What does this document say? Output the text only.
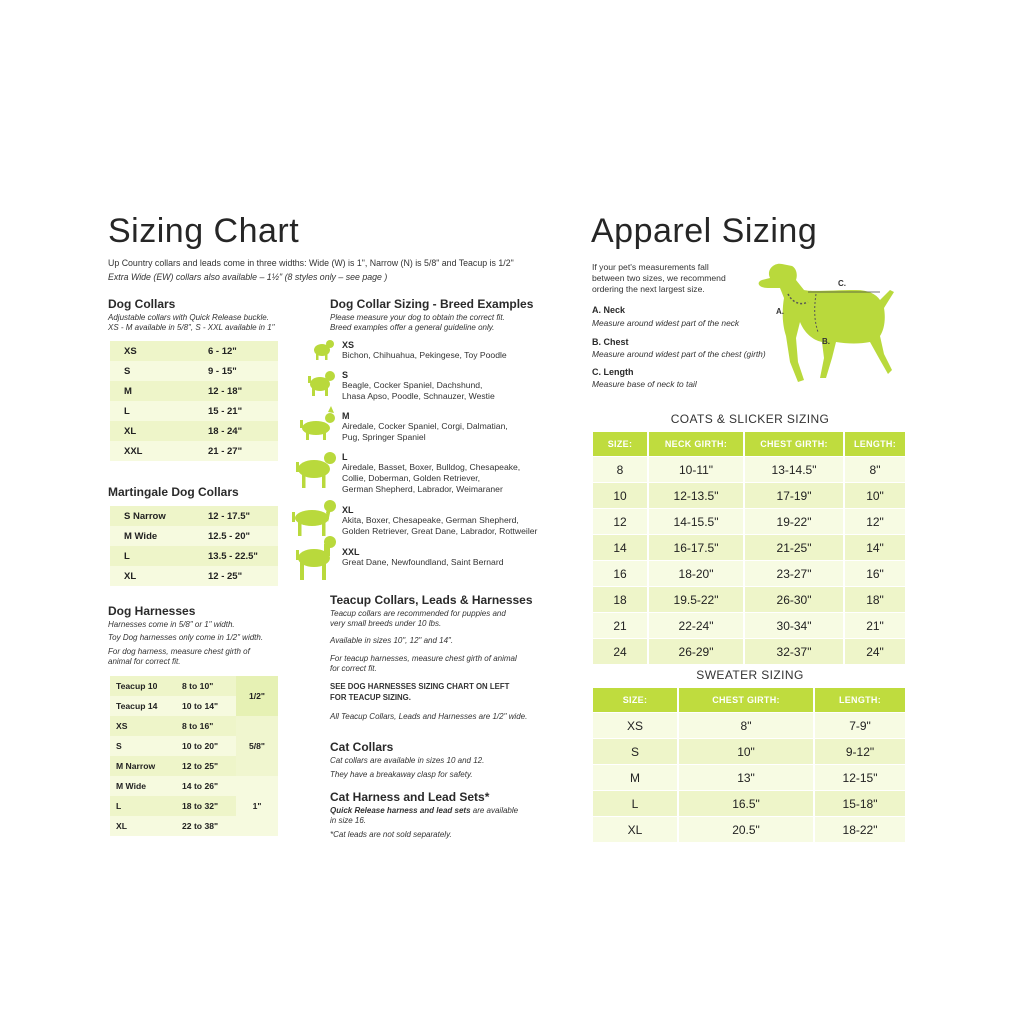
Sizing Chart
Up Country collars and leads come in three widths: Wide (W) is 1", Narrow (N) is 5/8" and Teacup is 1/2"
Extra Wide (EW) collars also available – 1½" (8 styles only – see page )
Dog Collars
Adjustable collars with Quick Release buckle.
XS - M available in 5/8", S - XXL available in 1"
XS	6 - 12"
S	9 - 15"
M	12 - 18"
L	15 - 21"
XL	18 - 24"
XXL	21 - 27"
Martingale Dog Collars
S Narrow	12 - 17.5"
M Wide	12.5 - 20"
L	13.5 - 22.5"
XL	12 - 25"
Dog Harnesses
Harnesses come in 5/8" or 1" width.
Toy Dog harnesses only come in 1/2" width.
For dog harness, measure chest girth of
animal for correct fit.
Teacup 10	8 to 10"	1/2"
Teacup 14	10 to 14"	
XS	8 to 16"	5/8"
S	10 to 20"	
M Narrow	12 to 25"	
M Wide	14 to 26"	1"
L	18 to 32"	
XL	22 to 38"	
Dog Collar Sizing - Breed Examples
Please measure your dog to obtain the correct fit.
Breed examples offer a general guideline only.
XS
Bichon, Chihuahua, Pekingese, Toy Poodle
S
Beagle, Cocker Spaniel, Dachshund,
Lhasa Apso, Poodle, Schnauzer, Westie
M
Airedale, Cocker Spaniel, Corgi, Dalmatian,
Pug, Springer Spaniel
L
Airedale, Basset, Boxer, Bulldog, Chesapeake,
Collie, Doberman, Golden Retriever,
German Shepherd, Labrador, Weimaraner
XL
Akita, Boxer, Chesapeake, German Shepherd,
Golden Retriever, Great Dane, Labrador, Rottweiler
XXL
Great Dane, Newfoundland, Saint Bernard
Teacup Collars, Leads & Harnesses
Teacup collars are recommended for puppies and
very small breeds under 10 lbs.
Available in sizes 10", 12" and 14".
For teacup harnesses, measure chest girth of animal
for correct fit.
SEE DOG HARNESSES SIZING CHART ON LEFT
FOR TEACUP SIZING.
All Teacup Collars, Leads and Harnesses are 1/2" wide.
Cat Collars
Cat collars are available in sizes 10 and 12.
They have a breakaway clasp for safety.
Cat Harness and Lead Sets*
Quick Release harness and lead sets are available
in size 16.
*Cat leads are not sold separately.
Apparel Sizing
If your pet's measurements fall
between two sizes, we recommend
ordering the next largest size.
A. Neck
Measure around widest part of the neck
B. Chest
Measure around widest part of the chest (girth)
C. Length
Measure base of neck to tail
A.
B.
C.
COATS & SLICKER SIZING
SIZE:	NECK GIRTH:	CHEST GIRTH:	LENGTH:
8	10-11"	13-14.5"	8"
10	12-13.5"	17-19"	10"
12	14-15.5"	19-22"	12"
14	16-17.5"	21-25"	14"
16	18-20"	23-27"	16"
18	19.5-22"	26-30"	18"
21	22-24"	30-34"	21"
24	26-29"	32-37"	24"
SWEATER SIZING
SIZE:	CHEST GIRTH:	LENGTH:
XS	8"	7-9"
S	10"	9-12"
M	13"	12-15"
L	16.5"	15-18"
XL	20.5"	18-22"
